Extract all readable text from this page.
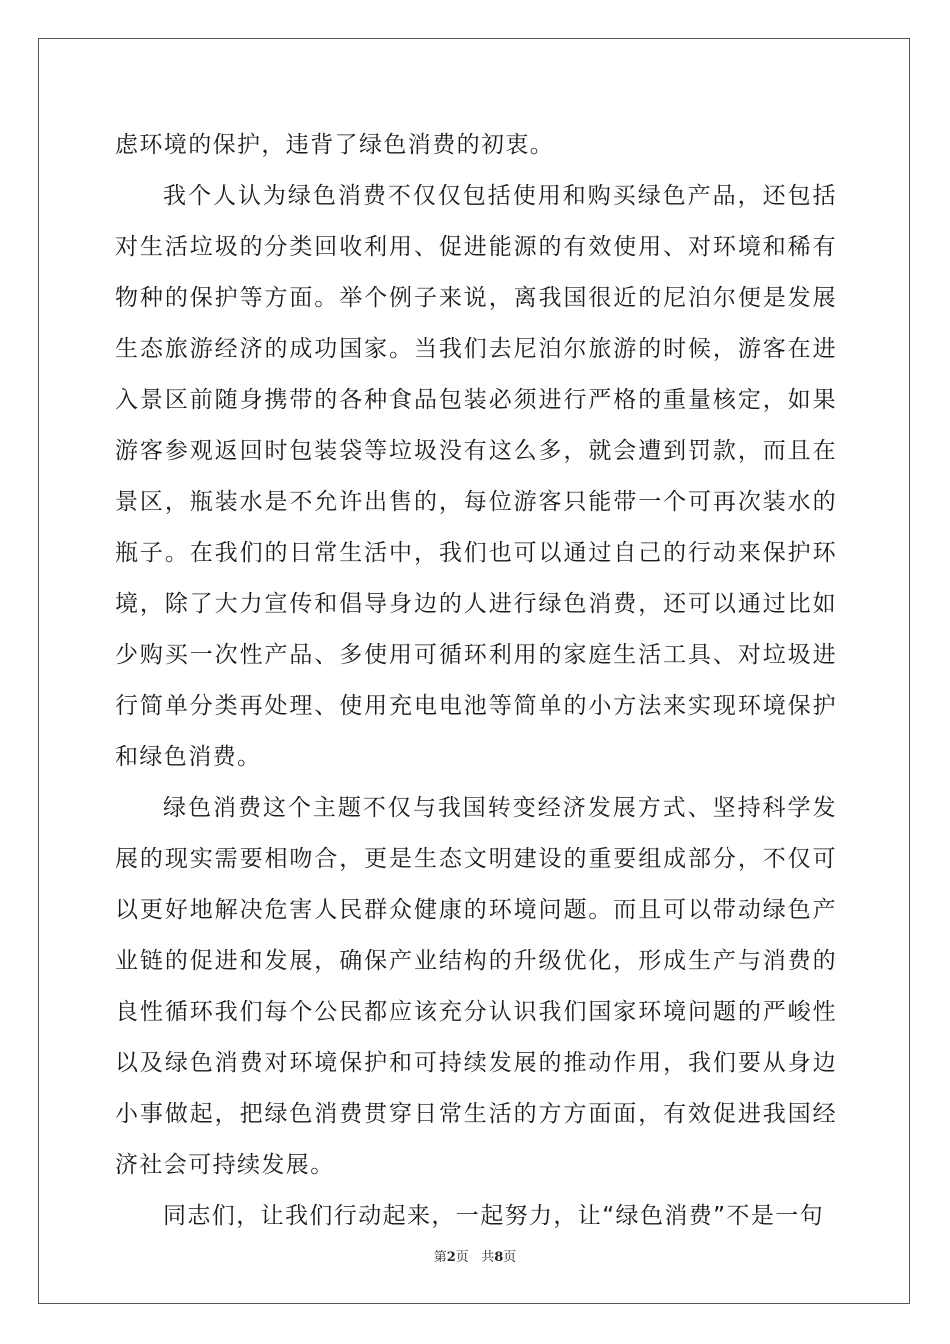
虑环境的保护，违背了绿色消费的初衷。

我个人认为绿色消费不仅仅包括使用和购买绿色产品，还包括对生活垃圾的分类回收利用、促进能源的有效使用、对环境和稀有物种的保护等方面。举个例子来说，离我国很近的尼泊尔便是发展生态旅游经济的成功国家。当我们去尼泊尔旅游的时候，游客在进入景区前随身携带的各种食品包装必须进行严格的重量核定，如果游客参观返回时包装袋等垃圾没有这么多，就会遭到罚款，而且在景区，瓶装水是不允许出售的，每位游客只能带一个可再次装水的瓶子。在我们的日常生活中，我们也可以通过自己的行动来保护环境，除了大力宣传和倡导身边的人进行绿色消费，还可以通过比如少购买一次性产品、多使用可循环利用的家庭生活工具、对垃圾进行简单分类再处理、使用充电电池等简单的小方法来实现环境保护和绿色消费。

绿色消费这个主题不仅与我国转变经济发展方式、坚持科学发展的现实需要相吻合，更是生态文明建设的重要组成部分，不仅可以更好地解决危害人民群众健康的环境问题。而且可以带动绿色产业链的促进和发展，确保产业结构的升级优化，形成生产与消费的良性循环我们每个公民都应该充分认识我们国家环境问题的严峻性以及绿色消费对环境保护和可持续发展的推动作用，我们要从身边小事做起，把绿色消费贯穿日常生活的方方面面，有效促进我国经济社会可持续发展。

同志们，让我们行动起来，一起努力，让“绿色消费”不是一句

第2页 共8页
